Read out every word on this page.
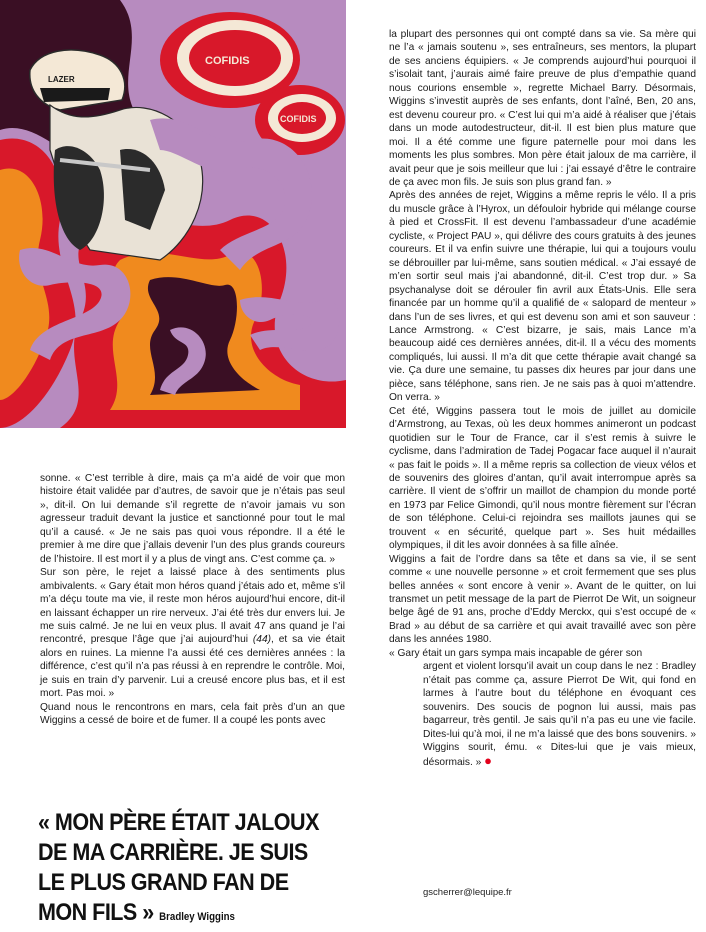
COFIDIS
COFIDIS
LAZER

la plupart des personnes qui ont compté dans sa vie. Sa mère qui ne l’a « jamais soutenu », ses entraîneurs, ses mentors, la plupart de ses anciens équipiers. « Je comprends aujourd’hui pourquoi il s’isolait tant, j’aurais aimé faire preuve de plus d’empathie quand nous courions ensemble », regrette Michael Barry. Désormais, Wiggins s’investit auprès de ses enfants, dont l’aîné, Ben, 20 ans, est devenu coureur pro. « C’est lui qui m’a aidé à réaliser que j’étais dans un mode autodestructeur, dit-il. Il est bien plus mature que moi. Il a été comme une figure paternelle pour moi dans les moments les plus sombres. Mon père était jaloux de ma carrière, il avait peur que je sois meilleur que lui : j’ai essayé d’être le contraire de ça avec mon fils. Je suis son plus grand fan. »

Après des années de rejet, Wiggins a même repris le vélo. Il a pris du muscle grâce à l’Hyrox, un défouloir hybride qui mélange course à pied et CrossFit. Il est devenu l’ambassadeur d’une académie cycliste, « Project PAU », qui délivre des cours gratuits à des jeunes coureurs. Et il va enfin suivre une thérapie, lui qui a toujours voulu se débrouiller par lui-même, sans soutien médical. « J’ai essayé de m’en sortir seul mais j’ai abandonné, dit-il. C’est trop dur. » Sa psychanalyse doit se dérouler fin avril aux États-Unis. Elle sera financée par un homme qu’il a qualifié de « salopard de menteur » dans l’un de ses livres, et qui est devenu son ami et son sauveur : Lance Armstrong. « C’est bizarre, je sais, mais Lance m’a beaucoup aidé ces dernières années, dit-il. Il a vécu des moments compliqués, lui aussi. Il m’a dit que cette thérapie avait changé sa vie. Ça dure une semaine, tu passes dix heures par jour dans une pièce, sans téléphone, sans rien. Je ne sais pas à quoi m’attendre. On verra. »

Cet été, Wiggins passera tout le mois de juillet au domicile d’Armstrong, au Texas, où les deux hommes animeront un podcast quotidien sur le Tour de France, car il s’est remis à suivre le cyclisme, dans l’admiration de Tadej Pogacar face auquel il n’aurait « pas fait le poids ». Il a même repris sa collection de vieux vélos et de souvenirs des gloires d’antan, qu’il avait interrompue après sa carrière. Il vient de s’offrir un maillot de champion du monde porté en 1973 par Felice Gimondi, qu’il nous montre fièrement sur l’écran de son téléphone. Celui-ci rejoindra ses maillots jaunes qui se trouvent « en sécurité, quelque part ». Ses huit médailles olympiques, il dit les avoir données à sa fille aînée.

Wiggins a fait de l’ordre dans sa tête et dans sa vie, il se sent comme « une nouvelle personne » et croit fermement que ses plus belles années « sont encore à venir ». Avant de le quitter, on lui transmet un petit message de la part de Pierrot De Wit, un soigneur belge âgé de 91 ans, proche d’Eddy Merckx, qui s’est occupé de « Brad » au début de sa carrière et qui avait travaillé avec son père dans les années 1980.

« Gary était un gars sympa mais incapable de gérer son

argent et violent lorsqu’il avait un coup dans le nez : Bradley n’était pas comme ça, assure Pierrot De Wit, qui fond en larmes à l’autre bout du téléphone en évoquant ces souvenirs. Des soucis de pognon lui aussi, mais pas bagarreur, très gentil. Je sais qu’il n’a pas eu une vie facile. Dites-lui qu’à moi, il ne m’a laissé que des bons souvenirs. » Wiggins sourit, ému. « Dites-lui que je vais mieux, désormais. » ●

sonne. « C’est terrible à dire, mais ça m’a aidé de voir que mon histoire était validée par d’autres, de savoir que je n’étais pas seul », dit-il. On lui demande s’il regrette de n’avoir jamais vu son agresseur traduit devant la justice et sanctionné pour tout le mal qu’il a causé. « Je ne sais pas quoi vous répondre. Il a été le premier à me dire que j’allais devenir l’un des plus grands coureurs de l’histoire. Il est mort il y a plus de vingt ans. C’est comme ça. »

Sur son père, le rejet a laissé place à des sentiments plus ambivalents. « Gary était mon héros quand j’étais ado et, même s’il m’a déçu toute ma vie, il reste mon héros aujourd’hui encore, dit-il en laissant échapper un rire nerveux. J’ai été très dur envers lui. Je me suis calmé. Je ne lui en veux plus. Il avait 47 ans quand je l’ai rencontré, presque l’âge que j’ai aujourd’hui (44), et sa vie était alors en ruines. La mienne l’a aussi été ces dernières années : la différence, c’est qu’il n’a pas réussi à en reprendre le contrôle. Moi, je suis en train d’y parvenir. Lui a creusé encore plus bas, et il est mort. Pas moi. »

Quand nous le rencontrons en mars, cela fait près d’un an que Wiggins a cessé de boire et de fumer. Il a coupé les ponts avec

« MON PÈRE ÉTAIT JALOUX DE MA CARRIÈRE. JE SUIS LE PLUS GRAND FAN DE MON FILS » Bradley Wiggins
gscherrer@lequipe.fr
